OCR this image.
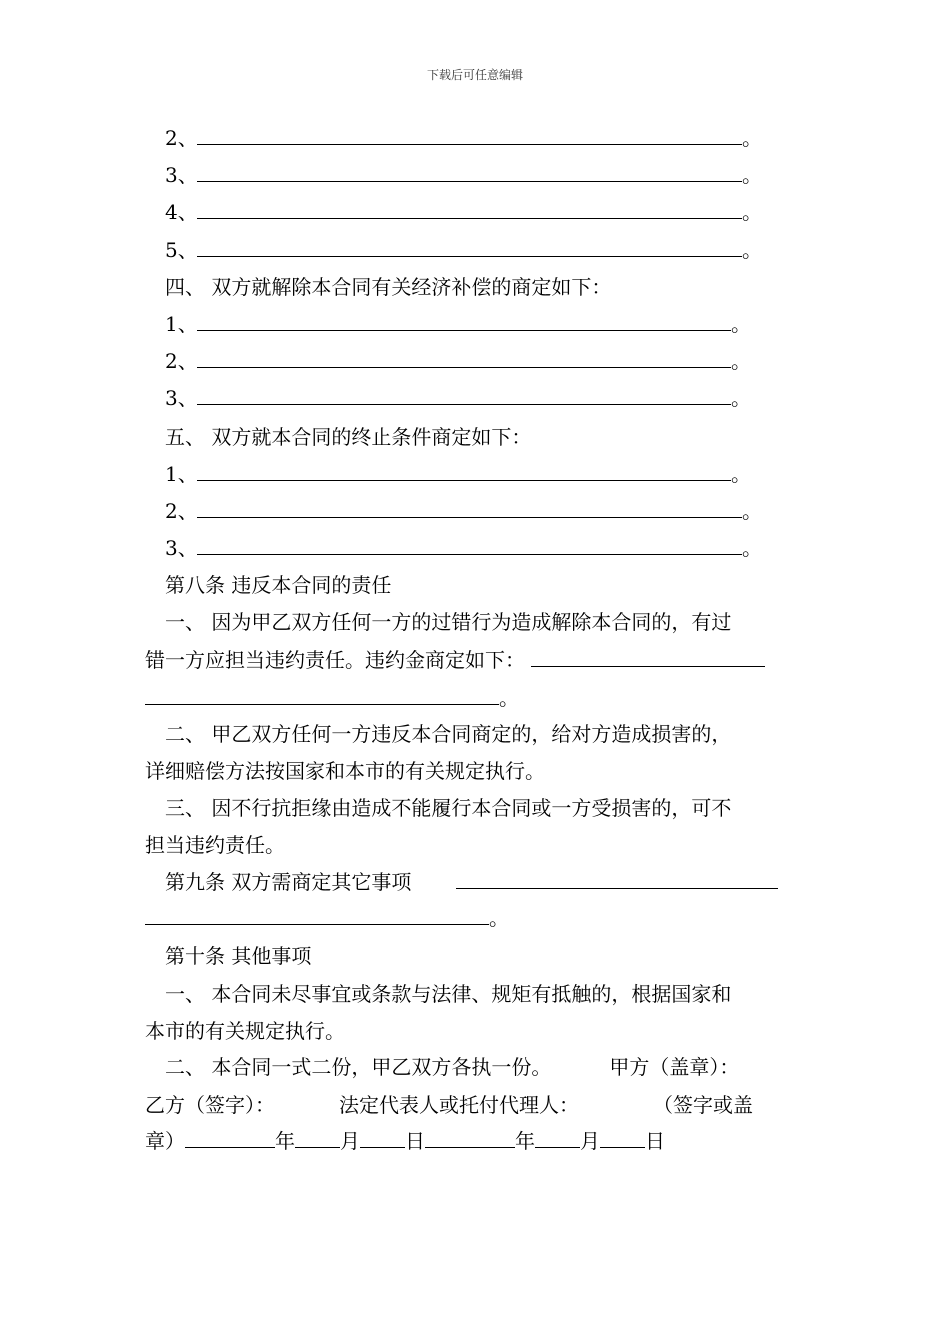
下载后可任意编辑
2、	。
3、	。
4、	。
5、	。
四、 双方就解除本合同有关经济补偿的商定如下：
1、	。
2、	。
3、	。
五、 双方就本合同的终止条件商定如下：
1、	。
2、	。
3、	。
第八条 违反本合同的责任
一、 因为甲乙双方任何一方的过错行为造成解除本合同的，有过
错一方应担当违约责任。违约金商定如下：
。
二、 甲乙双方任何一方违反本合同商定的，给对方造成损害的，
详细赔偿方法按国家和本市的有关规定执行。
三、 因不行抗拒缘由造成不能履行本合同或一方受损害的，可不
担当违约责任。
第九条 双方需商定其它事项
。
第十条 其他事项
一、 本合同未尽事宜或条款与法律、规矩有抵触的，根据国家和
本市的有关规定执行。
二、 本合同一式二份，甲乙双方各执一份。	甲方（盖章）：
乙方（签字）：	法定代表人或托付代理人：	（签字或盖
章）	年 月 日	年 月 日
